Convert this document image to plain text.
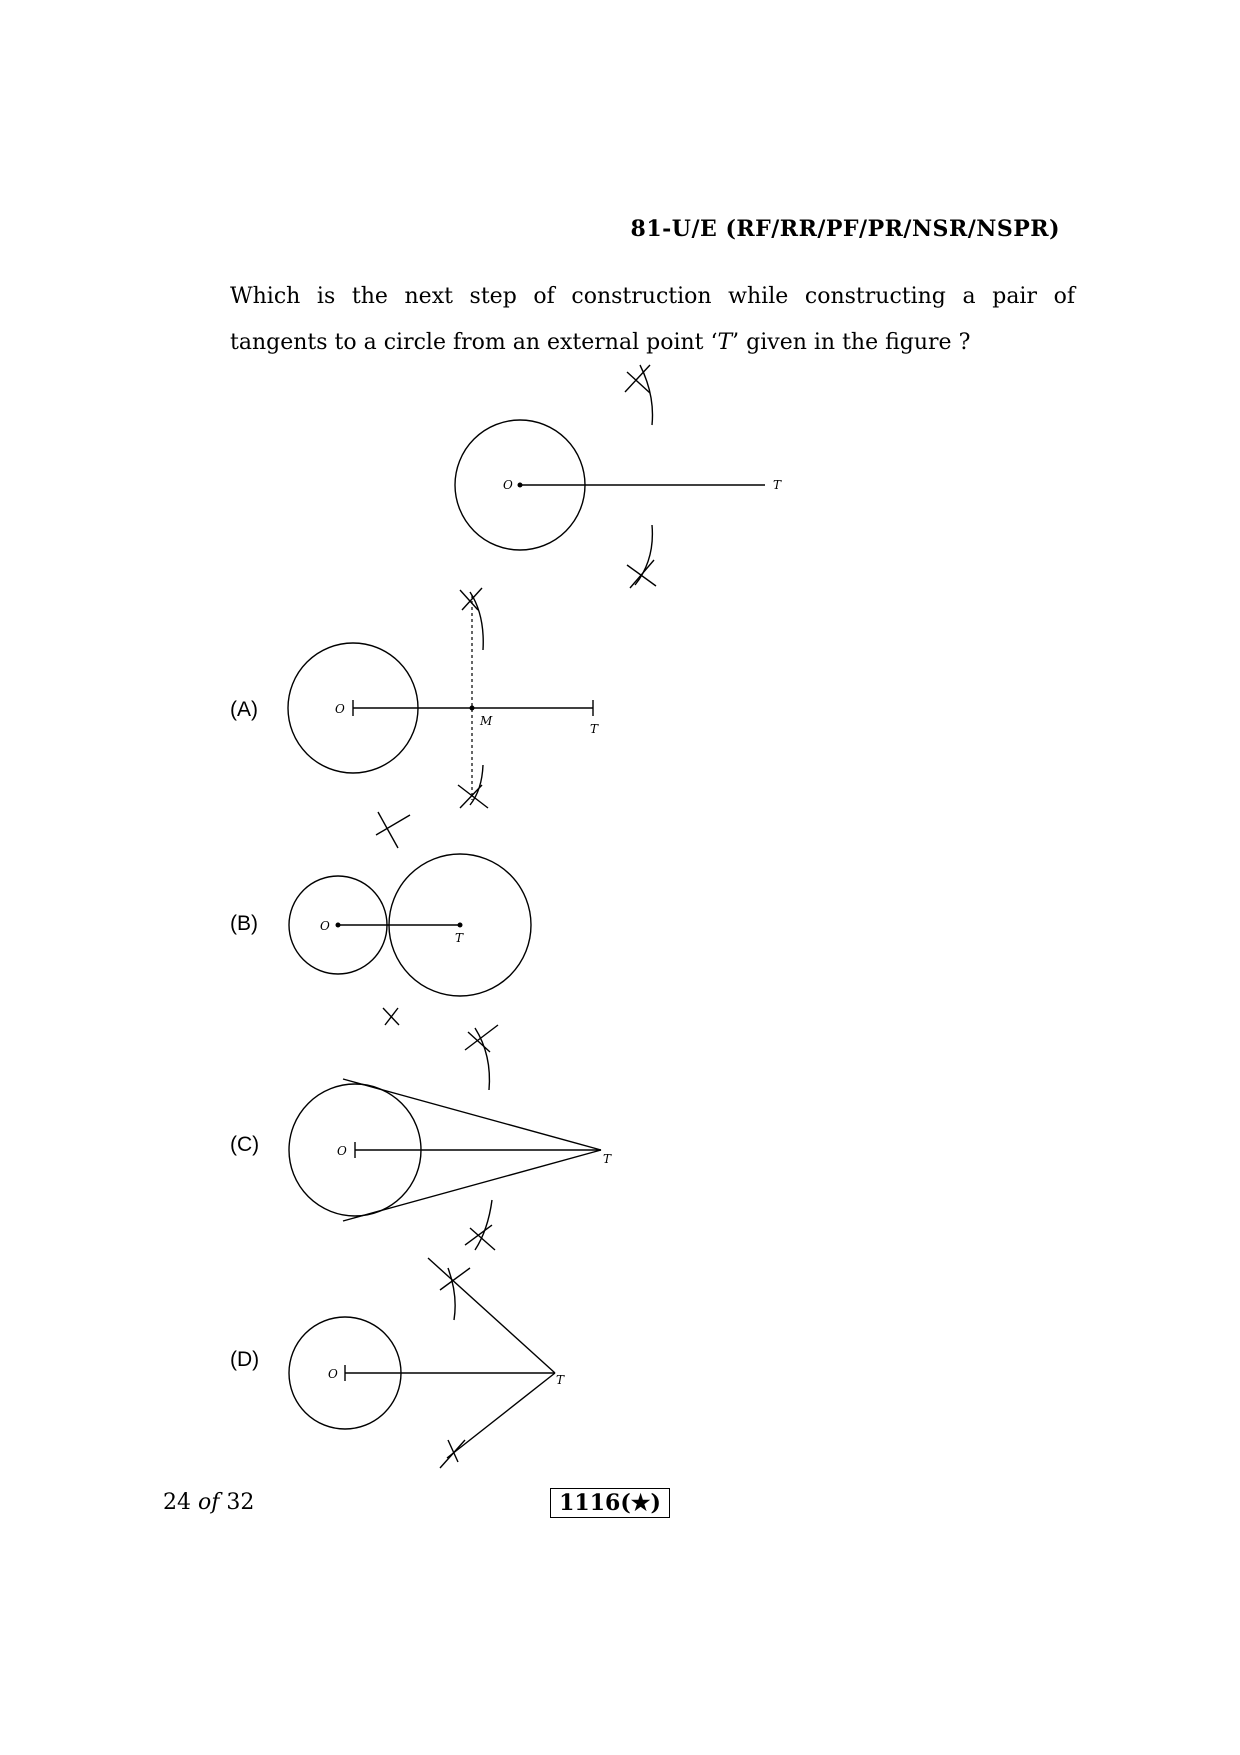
81-U/E (RF/RR/PF/PR/NSR/NSPR)
Which is the next step of construction while constructing a pair of
tangents to a circle from an external point ‘T’ given in the figure ?
O	T
O
M
T
O
T
O
T
O	T
(A)
(B)
(C)
(D)
24 of 32	1116(★)
